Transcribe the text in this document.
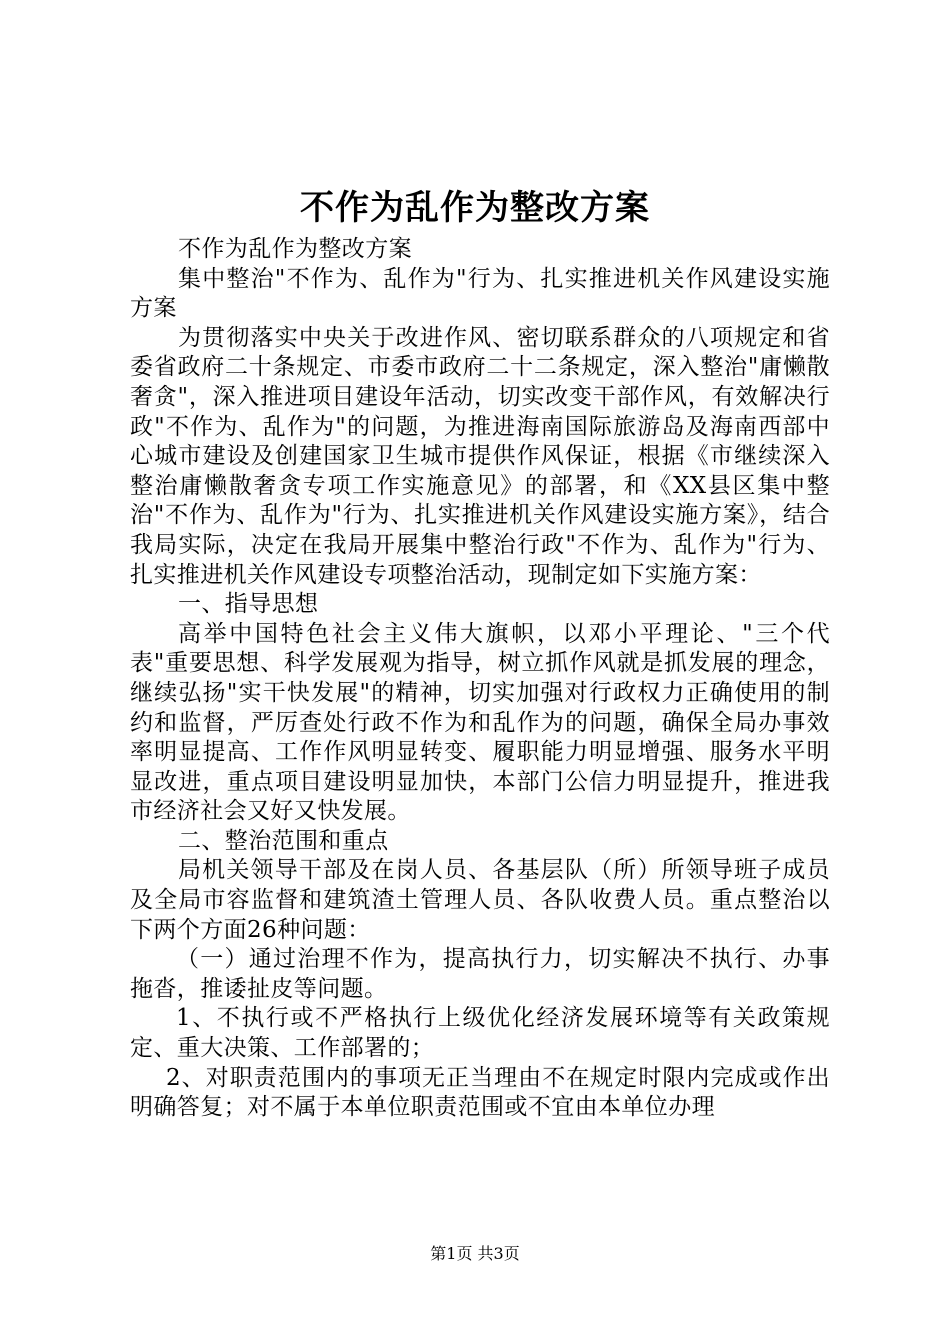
不作为乱作为整改方案

不作为乱作为整改方案

集中整治"不作为、乱作为"行为、扎实推进机关作风建设实施方案

为贯彻落实中央关于改进作风、密切联系群众的八项规定和省委省政府二十条规定、市委市政府二十二条规定，深入整治"庸懒散奢贪"，深入推进项目建设年活动，切实改变干部作风，有效解决行政"不作为、乱作为"的问题，为推进海南国际旅游岛及海南西部中心城市建设及创建国家卫生城市提供作风保证，根据《市继续深入整治庸懒散奢贪专项工作实施意见》的部署，和《XX县区集中整治"不作为、乱作为"行为、扎实推进机关作风建设实施方案》，结合我局实际，决定在我局开展集中整治行政"不作为、乱作为"行为、扎实推进机关作风建设专项整治活动，现制定如下实施方案：

一、指导思想

高举中国特色社会主义伟大旗帜，以邓小平理论、"三个代表"重要思想、科学发展观为指导，树立抓作风就是抓发展的理念，继续弘扬"实干快发展"的精神，切实加强对行政权力正确使用的制约和监督，严厉查处行政不作为和乱作为的问题，确保全局办事效率明显提高、工作作风明显转变、履职能力明显增强、服务水平明显改进，重点项目建设明显加快，本部门公信力明显提升，推进我市经济社会又好又快发展。

二、整治范围和重点

局机关领导干部及在岗人员、各基层队（所）所领导班子成员及全局市容监督和建筑渣土管理人员、各队收费人员。重点整治以下两个方面26种问题：

（一）通过治理不作为，提高执行力，切实解决不执行、办事拖沓，推诿扯皮等问题。

1、不执行或不严格执行上级优化经济发展环境等有关政策规定、重大决策、工作部署的；

2、对职责范围内的事项无正当理由不在规定时限内完成或作出明确答复；对不属于本单位职责范围或不宜由本单位办理

第1页 共3页
